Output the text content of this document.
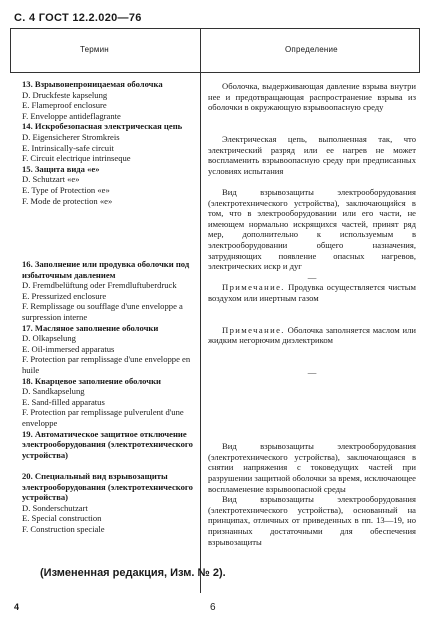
С. 4 ГОСТ 12.2.020—76
Термин	Определение
13. Взрывонепроницаемая оболочка
D. Druckfeste kapselung
E. Flameproof enclosure
F. Enveloppe antideflagrante
14. Искробезопасная электрическая цепь
D. Eigensicherer Stromkreis
E. Intrinsically-safe circuit
F. Circuit electrique intrinseque
15. Защита вида «е»
D. Schutzart «е»
E. Type of Protection «е»
F. Mode de protection «е»
16. Заполнение или продувка оболочки под избыточным давлением
D. Fremdbelüftung oder Fremdluftuberdruck
E. Pressurized enclosure
F. Remplissage ou soufflage d'une enveloppe a surpression interne
17. Масляное заполнение оболочки
D. Olkapselung
E. Oil-immersed apparatus
F. Protection par remplissage d'une enveloppe en huile
18. Кварцевое заполнение оболочки
D. Sandkapselung
E. Sand-filled apparatus
F. Protection par remplissage pulverulent d'une enveloppe
19. Автоматическое защитное отключение электрооборудования (электротехнического устройства)
20. Специальный вид взрывозащиты электрооборудования (электротехнического устройства)
D. Sonderschutzart
E. Special construction
F. Construction speciale
Оболочка, выдерживающая давление взрыва внутри нее и предотвращающая распространение взрыва из оболочки в окружающую взрывоопасную среду
Электрическая цепь, выполненная так, что электрический разряд или ее нагрев не может воспламенить взрывоопасную среду при предписанных условиях испытания
Вид взрывозащиты электрооборудования (электротехнического устройства), заключающийся в том, что в электрооборудовании или его части, не имеющем нормально искрящихся частей, принят ряд мер, дополнительно к используемым в электрооборудовании общего назначения, затрудняющих появление опасных нагревов, электрических искр и дуг
—
Примечание. Продувка осуществляется чистым воздухом или инертным газом
Примечание. Оболочка заполняется маслом или жидким негорючим диэлектриком
—
Вид взрывозащиты электрооборудования (электротехнического устройства), заключающаяся в снятии напряжения с токоведущих частей при разрушении защитной оболочки за время, исключающее воспламенение взрывоопасной среды
Вид взрывозащиты электрооборудования (электротехнического устройства), основанный на принципах, отличных от приведенных в пп. 13—19, но признанных достаточными для обеспечения взрывозащиты
(Измененная редакция, Изм. № 2).
4	6
